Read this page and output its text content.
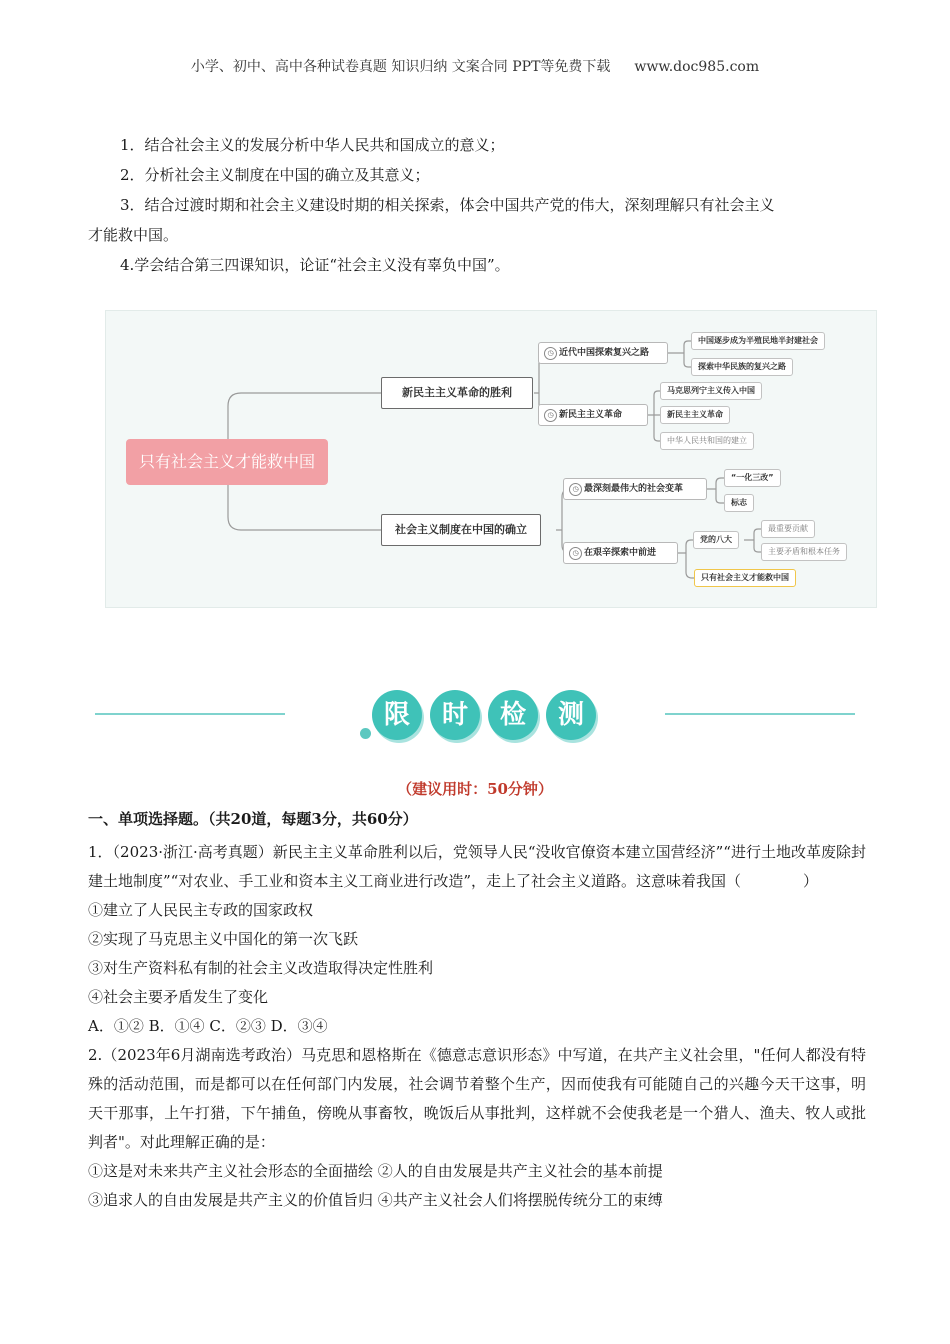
小学、初中、高中各种试卷真题 知识归纳 文案合同 PPT等免费下载 www.doc985.com

1．结合社会主义的发展分析中华人民共和国成立的意义；

2．分析社会主义制度在中国的确立及其意义；

3．结合过渡时期和社会主义建设时期的相关探索，体会中国共产党的伟大，深刻理解只有社会主义

才能救中国。

4.学会结合第三四课知识，论证“社会主义没有辜负中国”。

只有社会主义才能救中国
新民主主义革命的胜利
社会主义制度在中国的确立
◷ 近代中国探索复兴之路
◷ 新民主主义革命
◷ 最深刻最伟大的社会变革
◷ 在艰辛探索中前进
中国逐步成为半殖民地半封建社会
探索中华民族的复兴之路
马克思列宁主义传入中国
新民主主义革命
中华人民共和国的建立
“一化三改”
标志
党的八大
只有社会主义才能救中国
最重要贡献
主要矛盾和根本任务
限	时	检	测
（建议用时：50分钟）
一、单项选择题。（共20道，每题3分，共60分）

1．（2023·浙江·高考真题）新民主主义革命胜利以后，党领导人民“没收官僚资本建立国营经济”“进行土地改革废除封建土地制度”“对农业、手工业和资本主义工商业进行改造”，走上了社会主义道路。这意味着我国（	）

①建立了人民民主专政的国家政权

②实现了马克思主义中国化的第一次飞跃

③对生产资料私有制的社会主义改造取得决定性胜利

④社会主要矛盾发生了变化

A．①② B．①④ C．②③ D．③④

2.（2023年6月湖南选考政治）马克思和恩格斯在《德意志意识形态》中写道，在共产主义社会里，"任何人都没有特殊的活动范围，而是都可以在任何部门内发展，社会调节着整个生产，因而使我有可能随自己的兴趣今天干这事，明天干那事，上午打猎，下午捕鱼，傍晚从事畜牧，晚饭后从事批判，这样就不会使我老是一个猎人、渔夫、牧人或批判者"。对此理解正确的是：

①这是对未来共产主义社会形态的全面描绘 ②人的自由发展是共产主义社会的基本前提

③追求人的自由发展是共产主义的价值旨归 ④共产主义社会人们将摆脱传统分工的束缚
